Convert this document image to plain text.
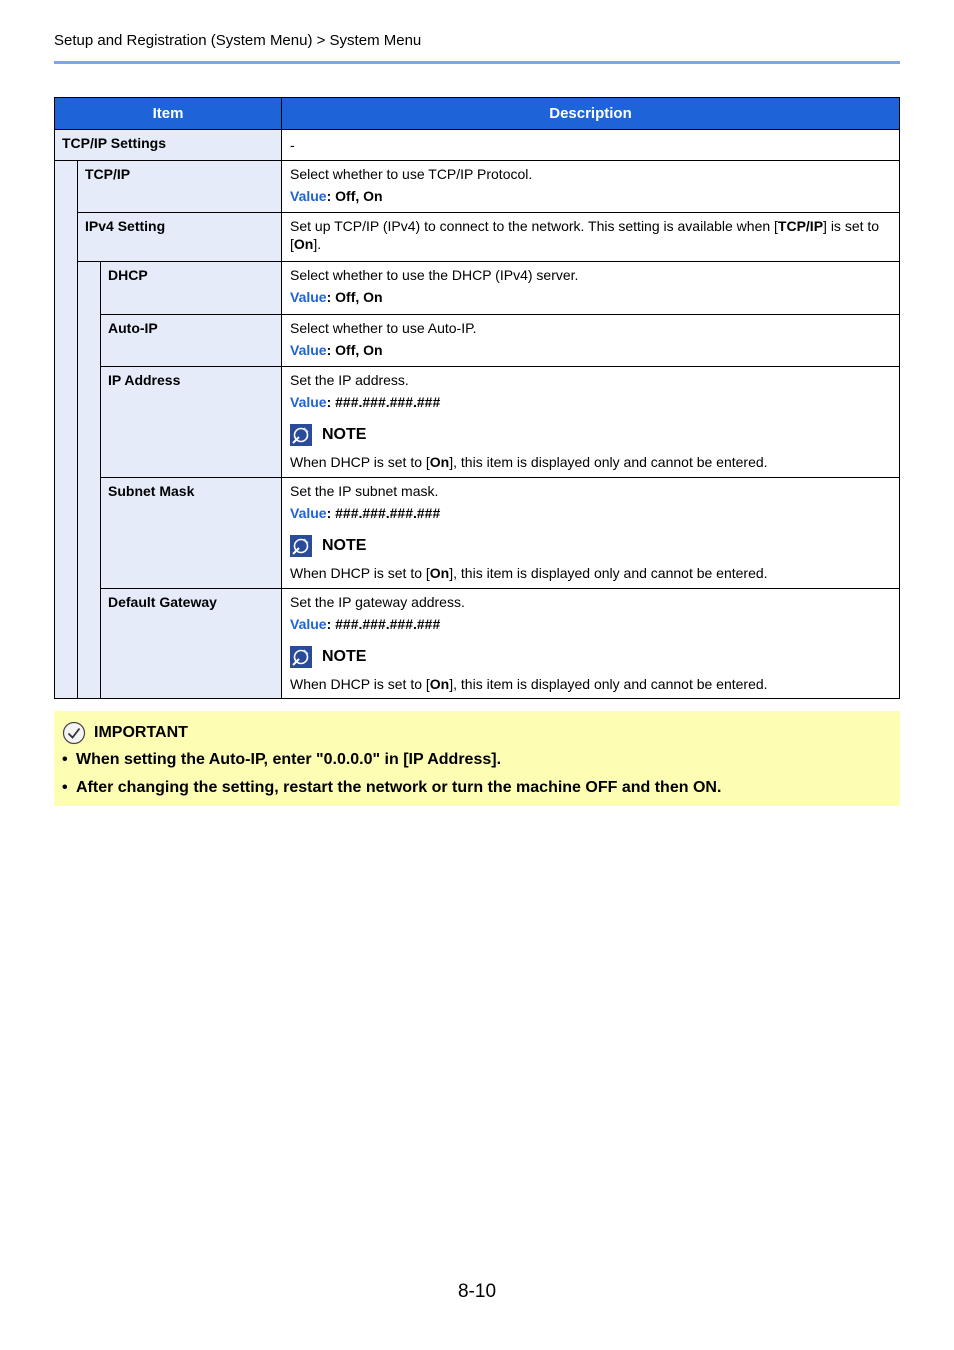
Setup and Registration (System Menu) > System Menu
Item	Description
TCP/IP Settings	-
TCP/IP	Select whether to use TCP/IP Protocol.
Value: Off, On
IPv4 Setting	Set up TCP/IP (IPv4) to connect to the network. This setting is available when [TCP/IP] is set to [On].
DHCP	Select whether to use the DHCP (IPv4) server.
Value: Off, On
Auto-IP	Select whether to use Auto-IP.
Value: Off, On
IP Address	Set the IP address.
Value: ###.###.###.###
NOTE
When DHCP is set to [On], this item is displayed only and cannot be entered.
Subnet Mask	Set the IP subnet mask.
Value: ###.###.###.###
NOTE
When DHCP is set to [On], this item is displayed only and cannot be entered.
Default Gateway	Set the IP gateway address.
Value: ###.###.###.###
NOTE
When DHCP is set to [On], this item is displayed only and cannot be entered.
IMPORTANT
• When setting the Auto-IP, enter "0.0.0.0" in [IP Address].
• After changing the setting, restart the network or turn the machine OFF and then ON.
8-10
